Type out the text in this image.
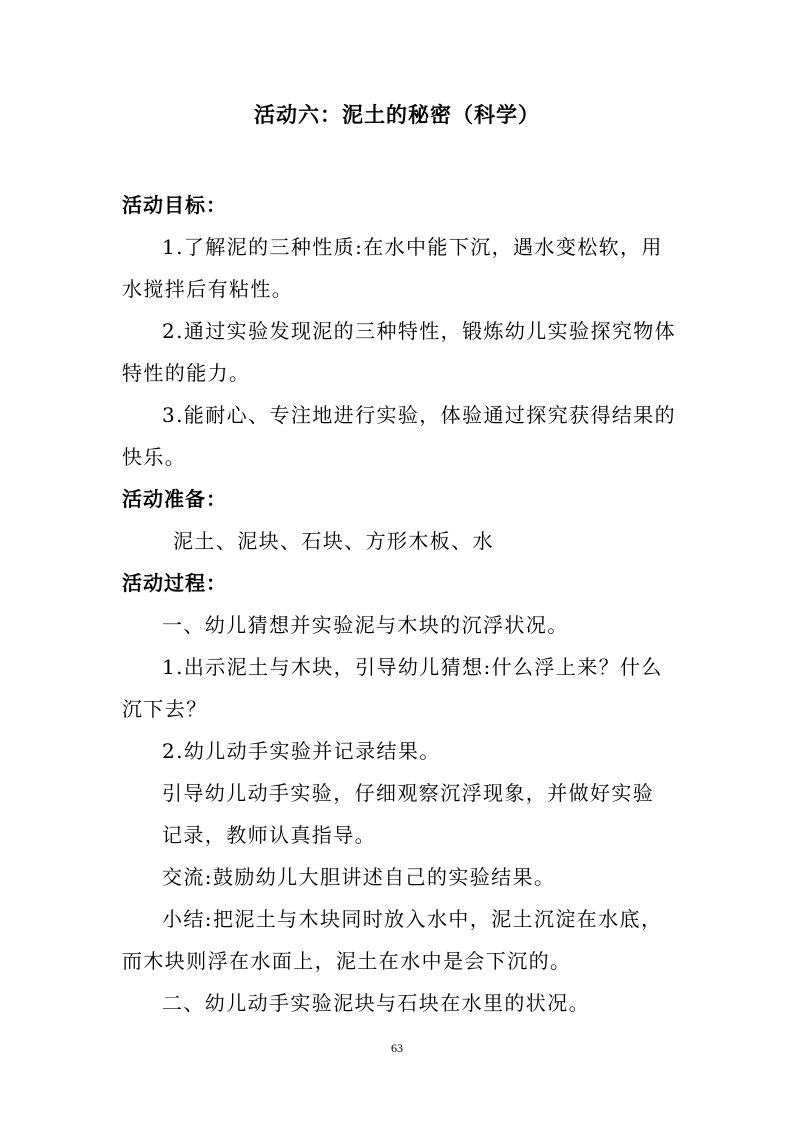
活动六：泥土的秘密（科学）
活动目标：
1.了解泥的三种性质:在水中能下沉，遇水变松软，用
水搅拌后有粘性。
2.通过实验发现泥的三种特性，锻炼幼儿实验探究物体
特性的能力。
3.能耐心、专注地进行实验，体验通过探究获得结果的
快乐。
活动准备：
泥土、泥块、石块、方形木板、水
活动过程：
一、幼儿猜想并实验泥与木块的沉浮状况。
1.出示泥土与木块，引导幼儿猜想:什么浮上来？什么
沉下去？
2.幼儿动手实验并记录结果。
引导幼儿动手实验，仔细观察沉浮现象，并做好实验
记录，教师认真指导。
交流:鼓励幼儿大胆讲述自己的实验结果。
小结:把泥土与木块同时放入水中，泥土沉淀在水底，
而木块则浮在水面上，泥土在水中是会下沉的。
二、幼儿动手实验泥块与石块在水里的状况。
63
